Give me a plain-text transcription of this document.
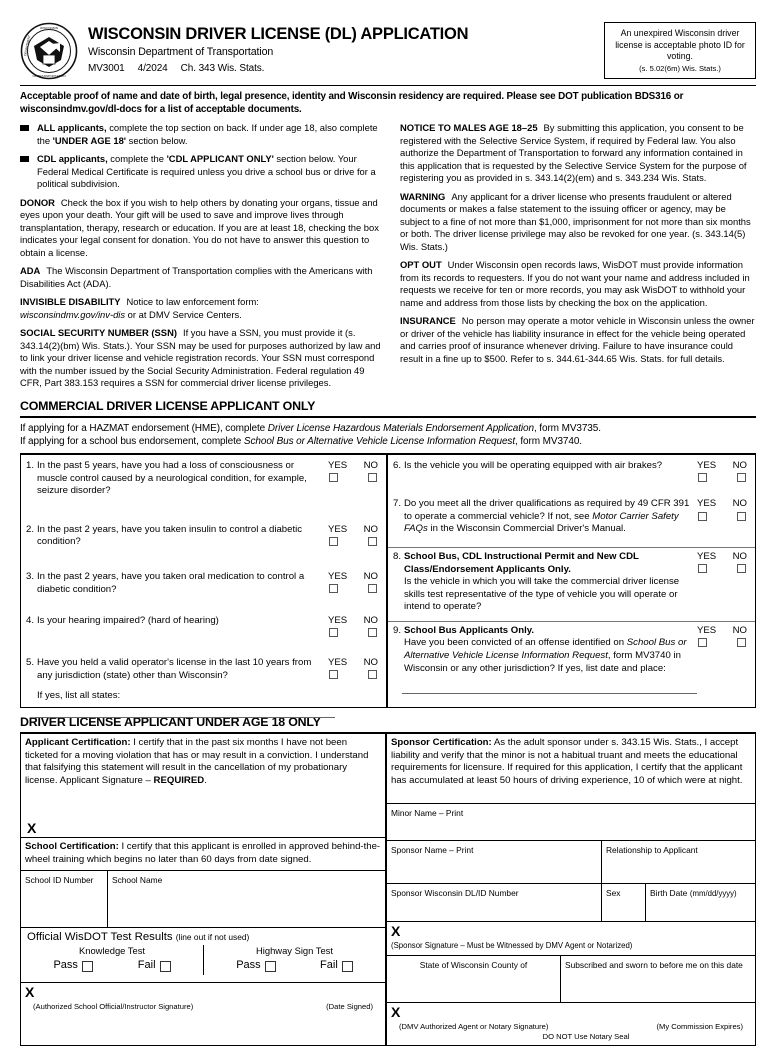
WISCONSIN
OF TRANSPORTATION
DEPARTMENT
WISCONSIN DRIVER LICENSE (DL) APPLICATION
Wisconsin Department of Transportation
MV3001 4/2024 Ch. 343 Wis. Stats.
An unexpired Wisconsin driver license is acceptable photo ID for voting.
(s. 5.02(6m) Wis. Stats.)
Acceptable proof of name and date of birth, legal presence, identity and Wisconsin residency are required. Please see DOT publication BDS316 or wisconsindmv.gov/dl-docs for a list of acceptable documents.
ALL applicants, complete the top section on back. If under age 18, also complete the 'UNDER AGE 18' section below.
CDL applicants, complete the 'CDL APPLICANT ONLY' section below. Your Federal Medical Certificate is required unless you drive a school bus or drive for a political subdivision.
DONOR Check the box if you wish to help others by donating your organs, tissue and eyes upon your death. Your gift will be used to save and improve lives through transplantation, therapy, research or education. If you are at least 18, checking the box indicates your legal consent for donation. You do not have to answer this question to obtain a license.
ADA The Wisconsin Department of Transportation complies with the Americans with Disabilities Act (ADA).
INVISIBLE DISABILITY Notice to law enforcement form:
wisconsindmv.gov/inv-dis or at DMV Service Centers.
SOCIAL SECURITY NUMBER (SSN) If you have a SSN, you must provide it (s. 343.14(2)(bm) Wis. Stats.). Your SSN may be used for purposes authorized by law and to link your driver license and vehicle registration records. Your SSN must correspond with the number issued by the Social Security Administration. Federal regulation 49 CFR, Part 383.153 requires a SSN for commercial driver license privileges.
NOTICE TO MALES AGE 18–25 By submitting this application, you consent to be registered with the Selective Service System, if required by Federal law. You also authorize the Department of Transportation to forward any information contained in this application that is requested by the Selective Service System for the purpose of registering you as provided in s. 343.14(2)(em) and s. 343.234 Wis. Stats.
WARNING Any applicant for a driver license who presents fraudulent or altered documents or makes a false statement to the issuing officer or agency, may be subject to a fine of not more than $1,000, imprisonment for not more than six months or both. The driver license privilege may also be revoked for one year. (s. 343.14(5) Wis. Stats.)
OPT OUT Under Wisconsin open records laws, WisDOT must provide information from its records to requesters. If you do not want your name and address included in requests we receive for ten or more records, you may ask WisDOT to withhold your name and address from those lists by checking the box on the application.
INSURANCE No person may operate a motor vehicle in Wisconsin unless the owner or driver of the vehicle has liability insurance in effect for the vehicle being operated and carries proof of insurance whenever driving. Failure to have insurance could result in a fine up to $500. Refer to s. 344.61-344.65 Wis. Stats. for full details.
COMMERCIAL DRIVER LICENSE APPLICANT ONLY
If applying for a HAZMAT endorsement (HME), complete Driver License Hazardous Materials Endorsement Application, form MV3735.
If applying for a school bus endorsement, complete School Bus or Alternative Vehicle License Information Request, form MV3740.
1. In the past 5 years, have you had a loss of consciousness or muscle control caused by a neurological condition, for example, seizure disorder?
YES NO
2. In the past 2 years, have you taken insulin to control a diabetic condition?
YES NO
3. In the past 2 years, have you taken oral medication to control a diabetic condition?
YES NO
4. Is your hearing impaired? (hard of hearing)	YES NO
5. Have you held a valid operator's license in the last 10 years from any jurisdiction (state) other than Wisconsin?
If yes, list all states:
YES NO
6. Is the vehicle you will be operating equipped with air brakes?	YES NO
7. Do you meet all the driver qualifications as required by 49 CFR 391 to operate a commercial vehicle? If not, see Motor Carrier Safety FAQs in the Wisconsin Commercial Driver's Manual.
YES NO
8. School Bus, CDL Instructional Permit and New CDL Class/Endorsement Applicants Only.
Is the vehicle in which you will take the commercial driver license skills test representative of the type of vehicle you will operate or intend to operate?
YES NO
9. School Bus Applicants Only.
Have you been convicted of an offense identified on School Bus or Alternative Vehicle License Information Request, form MV3740 in Wisconsin or any other jurisdiction? If yes, list date and place:
YES NO
DRIVER LICENSE APPLICANT UNDER AGE 18 ONLY
Applicant Certification: I certify that in the past six months I have not been ticketed for a moving violation that has or may result in a conviction. I understand that falsifying this statement will result in the cancellation of my probationary license. Applicant Signature – REQUIRED.
X
School Certification: I certify that this applicant is enrolled in approved behind-the-wheel training which begins no later than 60 days from date signed.
School ID Number	School Name
Official WisDOT Test Results (line out if not used)
Knowledge Test
Pass	Fail
Highway Sign Test
Pass	Fail
X
(Authorized School Official/Instructor Signature)	(Date Signed)
Sponsor Certification: As the adult sponsor under s. 343.15 Wis. Stats., I accept liability and verify that the minor is not a habitual truant and meets the educational requirements for licensure. If required for this application, I certify that the applicant has accumulated at least 50 hours of driving experience, 10 of which were at night.
Minor Name – Print
Sponsor Name – Print	Relationship to Applicant
Sponsor Wisconsin DL/ID Number	Sex	Birth Date (mm/dd/yyyy)
X
(Sponsor Signature – Must be Witnessed by DMV Agent or Notarized)
State of Wisconsin County of	Subscribed and sworn to before me on this date
X
(DMV Authorized Agent or Notary Signature)	(My Commission Expires)
DO NOT Use Notary Seal
